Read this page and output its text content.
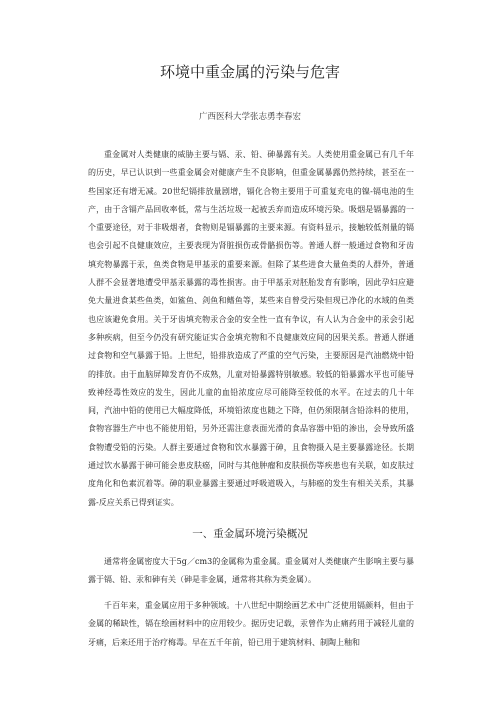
环境中重金属的污染与危害
广西医科大学张志勇李春宏

重金属对人类健康的威胁主要与镉、汞、铅、砷暴露有关。人类使用重金属已有几千年的历史，早已认识到一些重金属会对健康产生不良影响，但重金属暴露仍然持续，甚至在一些国家还有增无减。20世纪镉排放量剧增，镉化合物主要用于可重复充电的镍-镉电池的生产，由于含镉产品回收率低，常与生活垃圾一起被丢弃而造成环境污染。吸烟是镉暴露的一个重要途径，对于非吸烟者，食物则是镉暴露的主要来源。有资料显示，接触较低剂量的镉也会引起不良健康效应，主要表现为肾脏损伤或骨骼损伤等。普通人群一般通过食物和牙齿填充物暴露于汞，鱼类食物是甲基汞的重要来源。但除了某些进食大量鱼类的人群外，普通人群不会显著地遭受甲基汞暴露的毒性损害。由于甲基汞对胚胎发育有影响，因此孕妇应避免大量进食某些鱼类，如鲨鱼、剑鱼和鳍鱼等，某些来自曾受污染但现已净化的水域的鱼类也应该避免食用。关于牙齿填充物汞合金的安全性一直有争议，有人认为合金中的汞会引起多种疾病，但至今仍没有研究能证实合金填充物和不良健康效应间的因果关系。普通人群通过食物和空气暴露于铅。上世纪，铅排放造成了严重的空气污染，主要原因是汽油燃烧中铅的排放。由于血脑屏障发育仍不成熟，儿童对铅暴露特别敏感。较低的铅暴露水平也可能导致神经毒性效应的发生，因此儿童的血铅浓度应尽可能降至较低的水平。在过去的几十年间，汽油中铅的使用已大幅度降低，环境铅浓度也随之下降，但仍须限制含铅涂料的使用，食物容器生产中也不能使用铅，另外还需注意表面光滑的食品容器中铅的渗出，会导致所盛食物遭受铅的污染。人群主要通过食物和饮水暴露于砷，且食物摄入是主要暴露途径。长期通过饮水暴露于砷可能会患皮肤癌，同时与其他肿瘤和皮肤损伤等疾患也有关联，如皮肤过度角化和色素沉着等。砷的职业暴露主要通过呼吸道吸入，与肺癌的发生有相关关系，其暴露-反应关系已得到证实。

一、重金属环境污染概况

通常将金属密度大于5g／cm3的金属称为重金属。重金属对人类健康产生影响主要与暴露于镉、铅、汞和砷有关（砷是非金属，通常将其称为类金属）。

千百年来，重金属应用于多种领域。十八世纪中期绘画艺术中广泛使用镉颜料，但由于金属的稀缺性，镉在绘画材料中的应用较少。据历史记载，汞曾作为止痛药用于减轻儿童的牙痛，后来还用于治疗梅毒。早在五千年前，铅已用于建筑材料、制陶上釉和
